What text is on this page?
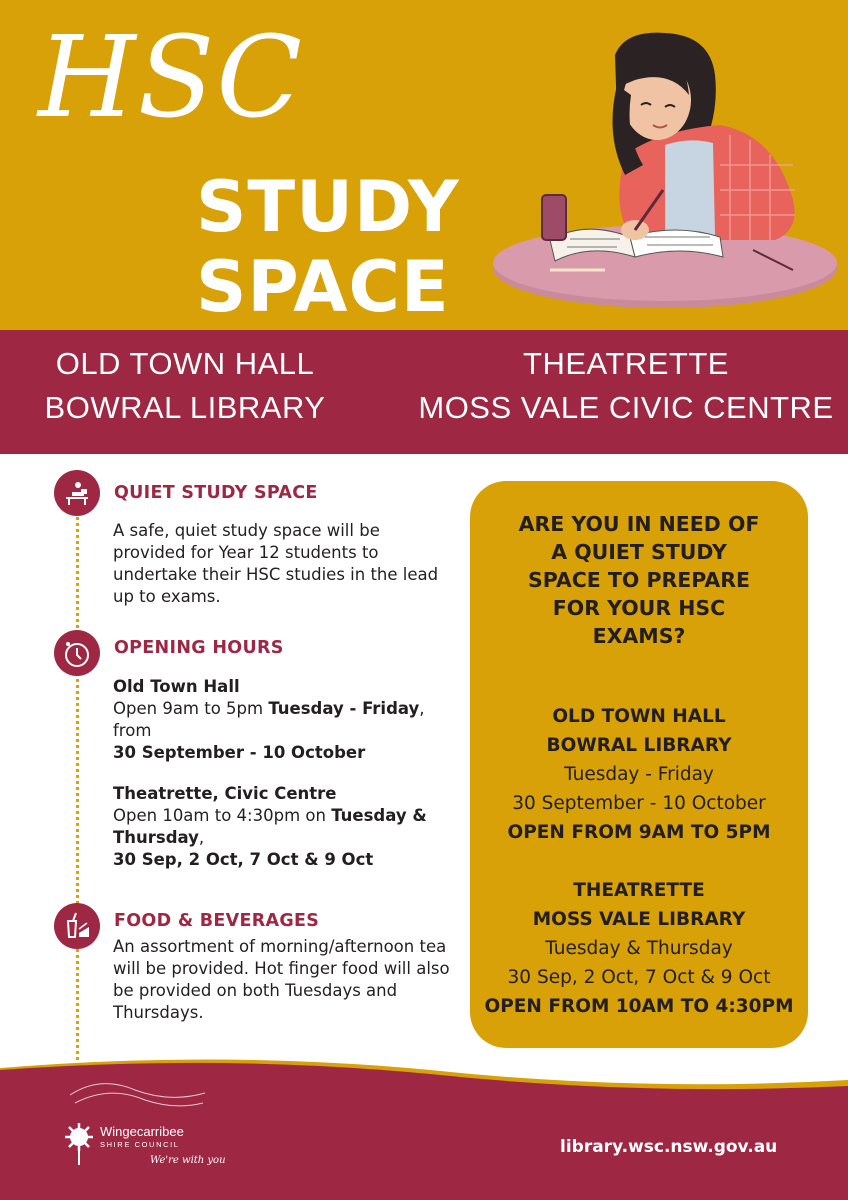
HSC
STUDY
SPACE
OLD TOWN HALL
BOWRAL LIBRARY
THEATRETTE
MOSS VALE CIVIC CENTRE
QUIET STUDY SPACE
A safe, quiet study space will be provided for Year 12 students to undertake their HSC studies in the lead up to exams.
OPENING HOURS
Old Town Hall
Open 9am to 5pm Tuesday - Friday,
from
30 September - 10 October
Theatrette, Civic Centre
Open 10am to 4:30pm on Tuesday &
Thursday,
30 Sep, 2 Oct, 7 Oct & 9 Oct
FOOD & BEVERAGES
An assortment of morning/afternoon tea will be provided. Hot finger food will also be provided on both Tuesdays and Thursdays.
ARE YOU IN NEED OF
A QUIET STUDY
SPACE TO PREPARE
FOR YOUR HSC
EXAMS?
OLD TOWN HALL
BOWRAL LIBRARY
Tuesday - Friday
30 September - 10 October
OPEN FROM 9AM TO 5PM
THEATRETTE
MOSS VALE LIBRARY
Tuesday & Thursday
30 Sep, 2 Oct, 7 Oct & 9 Oct
OPEN FROM 10AM TO 4:30PM
Wingecarribee
SHIRE COUNCIL
We're with you
library.wsc.nsw.gov.au
